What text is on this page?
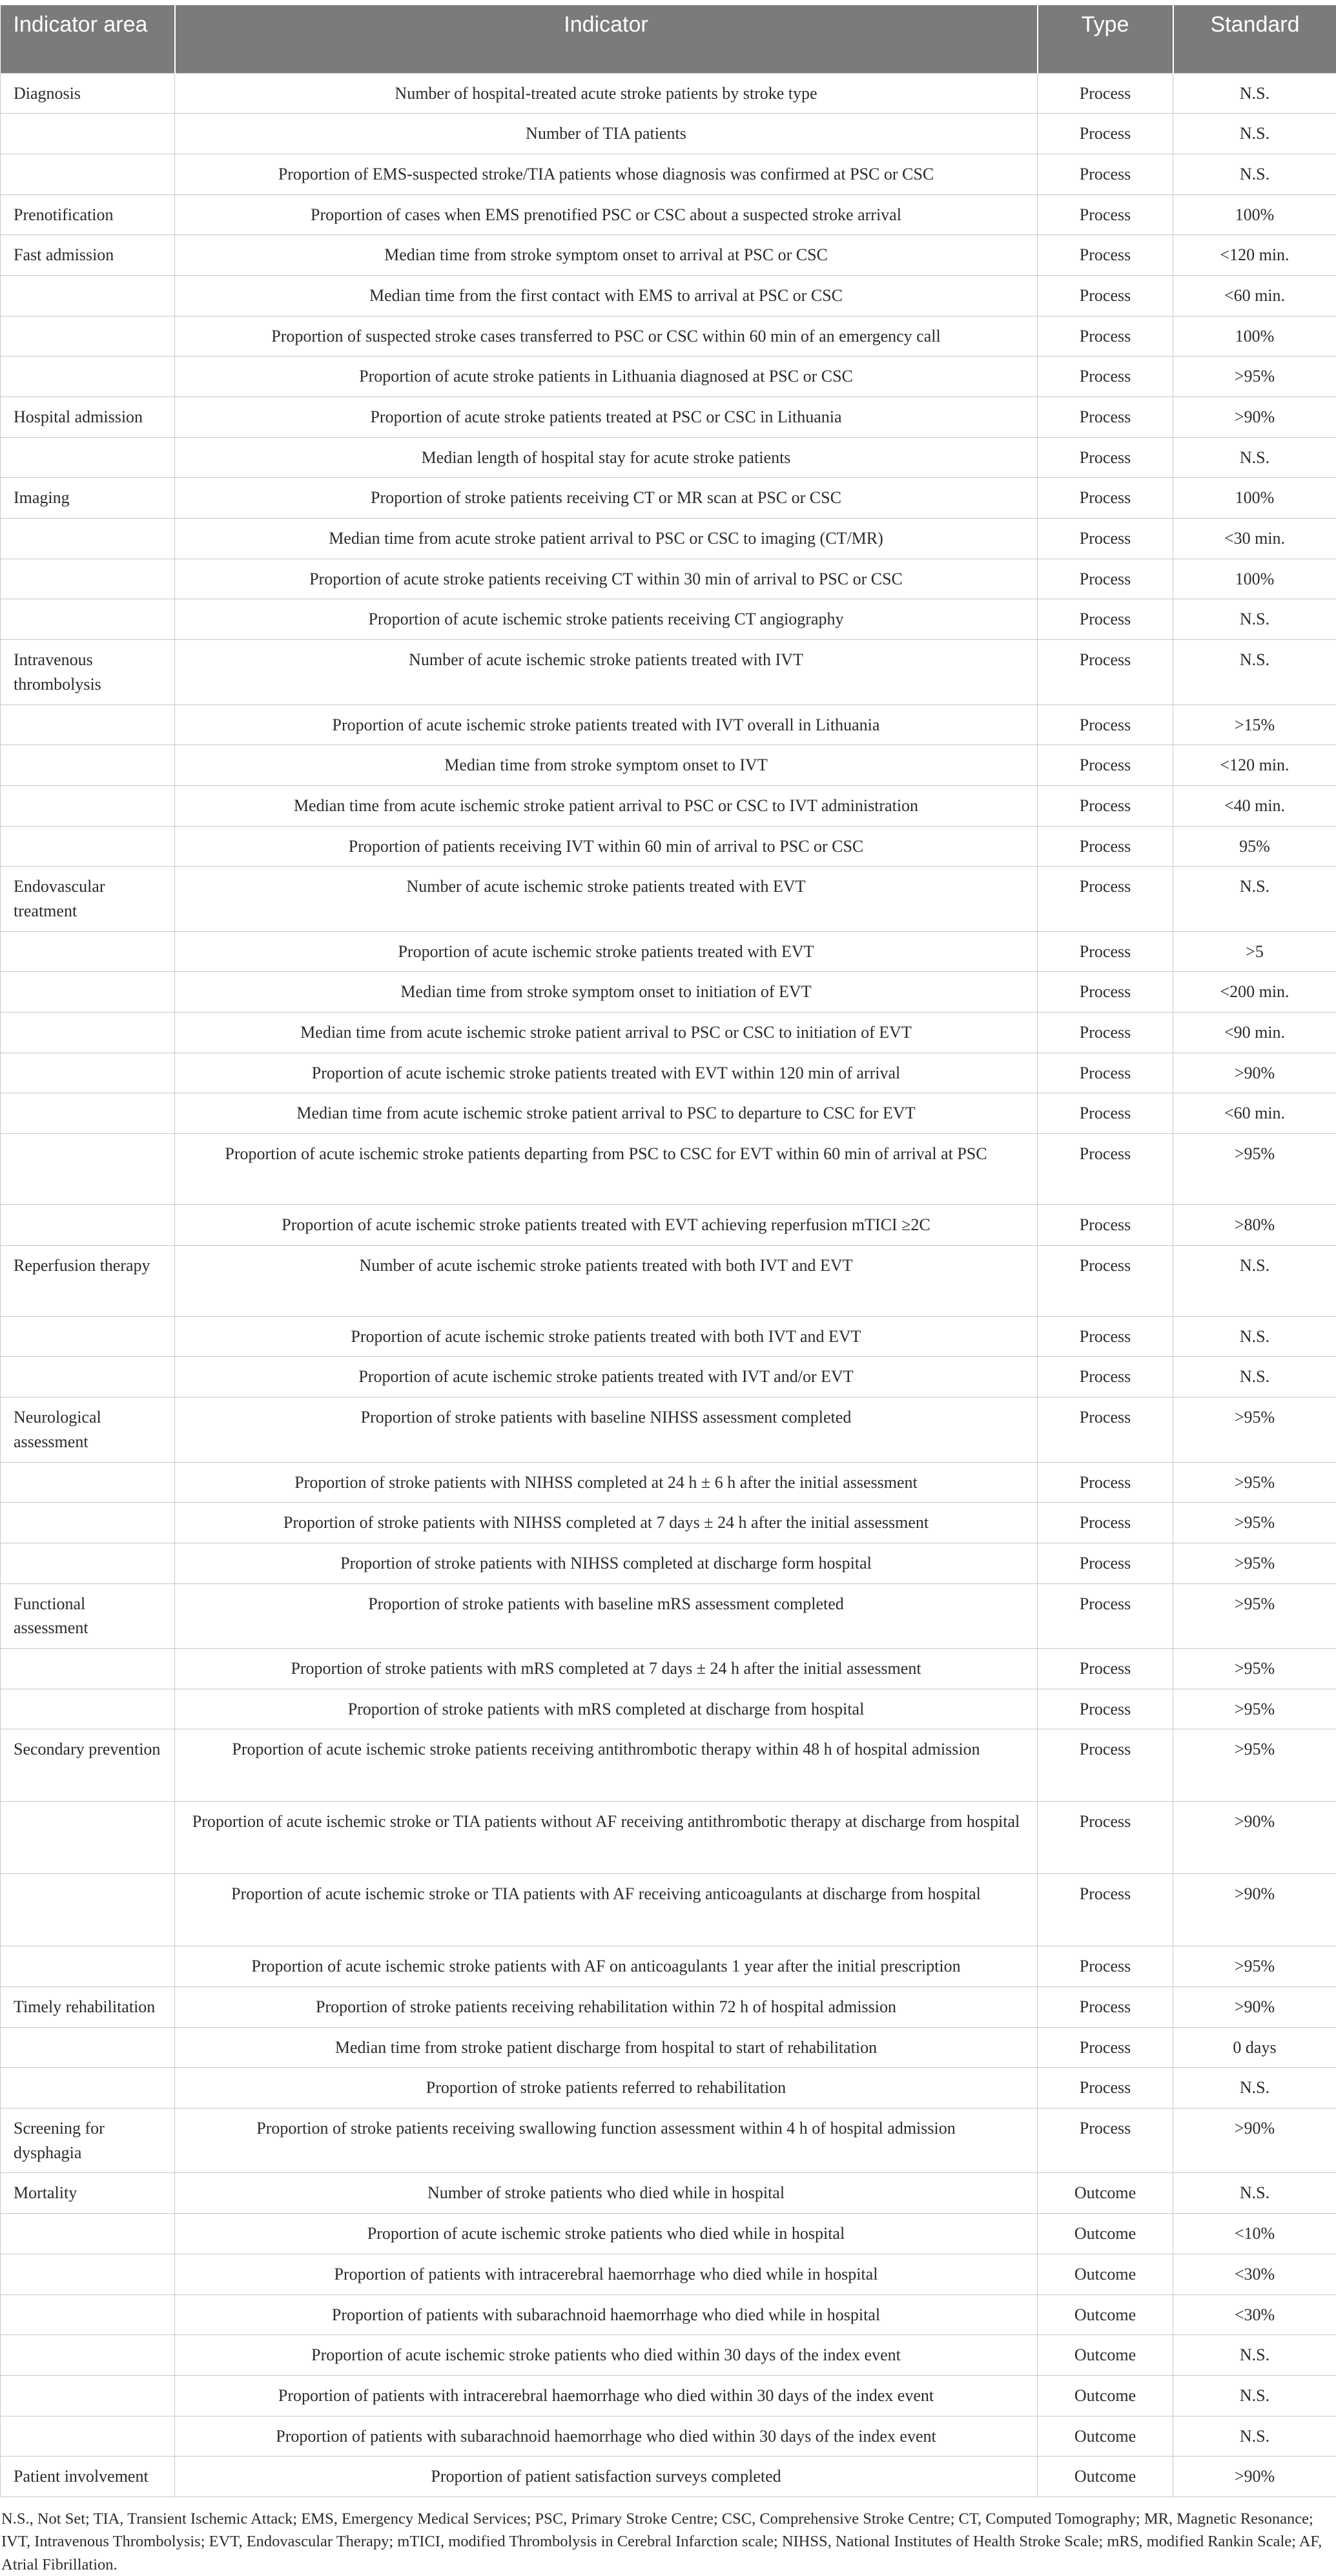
Indicator area	Indicator	Type	Standard
Diagnosis	Number of hospital-treated acute stroke patients by stroke type	Process	N.S.
	Number of TIA patients	Process	N.S.
	Proportion of EMS-suspected stroke/TIA patients whose diagnosis was confirmed at PSC or CSC	Process	N.S.
Prenotification	Proportion of cases when EMS prenotified PSC or CSC about a suspected stroke arrival	Process	100%
Fast admission	Median time from stroke symptom onset to arrival at PSC or CSC	Process	<120 min.
	Median time from the first contact with EMS to arrival at PSC or CSC	Process	<60 min.
	Proportion of suspected stroke cases transferred to PSC or CSC within 60 min of an emergency call	Process	100%
	Proportion of acute stroke patients in Lithuania diagnosed at PSC or CSC	Process	>95%
Hospital admission	Proportion of acute stroke patients treated at PSC or CSC in Lithuania	Process	>90%
	Median length of hospital stay for acute stroke patients	Process	N.S.
Imaging	Proportion of stroke patients receiving CT or MR scan at PSC or CSC	Process	100%
	Median time from acute stroke patient arrival to PSC or CSC to imaging (CT/MR)	Process	<30 min.
	Proportion of acute stroke patients receiving CT within 30 min of arrival to PSC or CSC	Process	100%
	Proportion of acute ischemic stroke patients receiving CT angiography	Process	N.S.
Intravenous thrombolysis	Number of acute ischemic stroke patients treated with IVT	Process	N.S.
	Proportion of acute ischemic stroke patients treated with IVT overall in Lithuania	Process	>15%
	Median time from stroke symptom onset to IVT	Process	<120 min.
	Median time from acute ischemic stroke patient arrival to PSC or CSC to IVT administration	Process	<40 min.
	Proportion of patients receiving IVT within 60 min of arrival to PSC or CSC	Process	95%
Endovascular treatment	Number of acute ischemic stroke patients treated with EVT	Process	N.S.
	Proportion of acute ischemic stroke patients treated with EVT	Process	>5
	Median time from stroke symptom onset to initiation of EVT	Process	<200 min.
	Median time from acute ischemic stroke patient arrival to PSC or CSC to initiation of EVT	Process	<90 min.
	Proportion of acute ischemic stroke patients treated with EVT within 120 min of arrival	Process	>90%
	Median time from acute ischemic stroke patient arrival to PSC to departure to CSC for EVT	Process	<60 min.
	Proportion of acute ischemic stroke patients departing from PSC to CSC for EVT within 60 min of arrival at PSC	Process	>95%
	Proportion of acute ischemic stroke patients treated with EVT achieving reperfusion mTICI ≥2C	Process	>80%
Reperfusion therapy	Number of acute ischemic stroke patients treated with both IVT and EVT	Process	N.S.
	Proportion of acute ischemic stroke patients treated with both IVT and EVT	Process	N.S.
	Proportion of acute ischemic stroke patients treated with IVT and/or EVT	Process	N.S.
Neurological assessment	Proportion of stroke patients with baseline NIHSS assessment completed	Process	>95%
	Proportion of stroke patients with NIHSS completed at 24 h ± 6 h after the initial assessment	Process	>95%
	Proportion of stroke patients with NIHSS completed at 7 days ± 24 h after the initial assessment	Process	>95%
	Proportion of stroke patients with NIHSS completed at discharge form hospital	Process	>95%
Functional assessment	Proportion of stroke patients with baseline mRS assessment completed	Process	>95%
	Proportion of stroke patients with mRS completed at 7 days ± 24 h after the initial assessment	Process	>95%
	Proportion of stroke patients with mRS completed at discharge from hospital	Process	>95%
Secondary prevention	Proportion of acute ischemic stroke patients receiving antithrombotic therapy within 48 h of hospital admission	Process	>95%
	Proportion of acute ischemic stroke or TIA patients without AF receiving antithrombotic therapy at discharge from hospital	Process	>90%
	Proportion of acute ischemic stroke or TIA patients with AF receiving anticoagulants at discharge from hospital	Process	>90%
	Proportion of acute ischemic stroke patients with AF on anticoagulants 1 year after the initial prescription	Process	>95%
Timely rehabilitation	Proportion of stroke patients receiving rehabilitation within 72 h of hospital admission	Process	>90%
	Median time from stroke patient discharge from hospital to start of rehabilitation	Process	0 days
	Proportion of stroke patients referred to rehabilitation	Process	N.S.
Screening for dysphagia	Proportion of stroke patients receiving swallowing function assessment within 4 h of hospital admission	Process	>90%
Mortality	Number of stroke patients who died while in hospital	Outcome	N.S.
	Proportion of acute ischemic stroke patients who died while in hospital	Outcome	<10%
	Proportion of patients with intracerebral haemorrhage who died while in hospital	Outcome	<30%
	Proportion of patients with subarachnoid haemorrhage who died while in hospital	Outcome	<30%
	Proportion of acute ischemic stroke patients who died within 30 days of the index event	Outcome	N.S.
	Proportion of patients with intracerebral haemorrhage who died within 30 days of the index event	Outcome	N.S.
	Proportion of patients with subarachnoid haemorrhage who died within 30 days of the index event	Outcome	N.S.
Patient involvement	Proportion of patient satisfaction surveys completed	Outcome	>90%
N.S., Not Set; TIA, Transient Ischemic Attack; EMS, Emergency Medical Services; PSC, Primary Stroke Centre; CSC, Comprehensive Stroke Centre; CT, Computed Tomography; MR, Magnetic Resonance; IVT, Intravenous Thrombolysis; EVT, Endovascular Therapy; mTICI, modified Thrombolysis in Cerebral Infarction scale; NIHSS, National Institutes of Health Stroke Scale; mRS, modified Rankin Scale; AF, Atrial Fibrillation.
